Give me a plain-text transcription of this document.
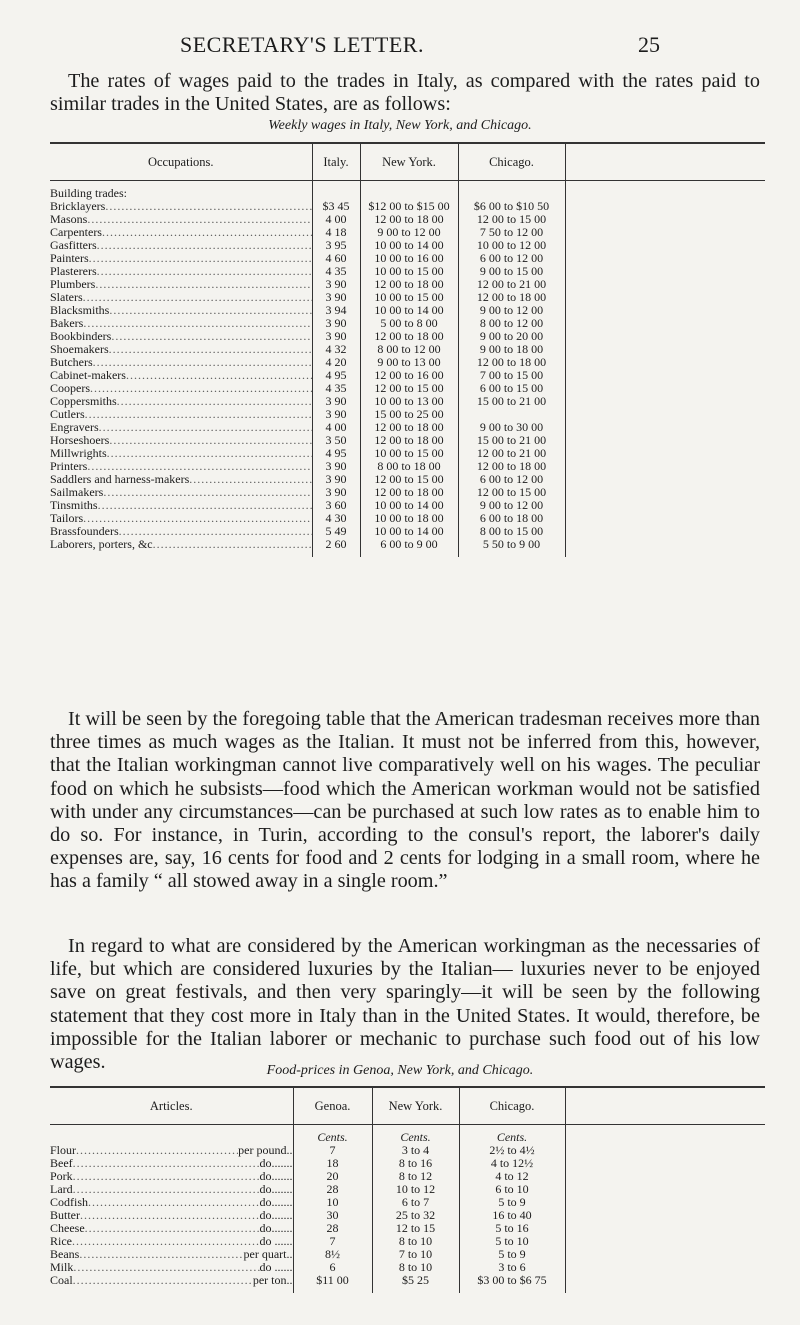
SECRETARY'S LETTER.	25

The rates of wages paid to the trades in Italy, as compared with the rates paid to similar trades in the United States, are as follows:

Weekly wages in Italy, New York, and Chicago.
Occupations.	Italy.	New York.	Chicago.	

Building trades:				

Bricklayers .....	$3 45	$12 00 to $15 00	$6 00 to $10 50	

Masons .....	4 00	12 00 to 18 00	12 00 to 15 00	

Carpenters .....	4 18	9 00 to 12 00	7 50 to 12 00	

Gasfitters .....	3 95	10 00 to 14 00	10 00 to 12 00	

Painters .....	4 60	10 00 to 16 00	6 00 to 12 00	

Plasterers .....	4 35	10 00 to 15 00	9 00 to 15 00	

Plumbers .....	3 90	12 00 to 18 00	12 00 to 21 00	

Slaters .....	3 90	10 00 to 15 00	12 00 to 18 00	

Blacksmiths .....	3 94	10 00 to 14 00	9 00 to 12 00	

Bakers .....	3 90	5 00 to 8 00	8 00 to 12 00	

Bookbinders .....	3 90	12 00 to 18 00	9 00 to 20 00	

Shoemakers .....	4 32	8 00 to 12 00	9 00 to 18 00	

Butchers .....	4 20	9 00 to 13 00	12 00 to 18 00	

Cabinet-makers .....	4 95	12 00 to 16 00	7 00 to 15 00	

Coopers .....	4 35	12 00 to 15 00	6 00 to 15 00	

Coppersmiths .....	3 90	10 00 to 13 00	15 00 to 21 00	

Cutlers .....	3 90	15 00 to 25 00		

Engravers .....	4 00	12 00 to 18 00	9 00 to 30 00	

Horseshoers .....	3 50	12 00 to 18 00	15 00 to 21 00	

Millwrights .....	4 95	10 00 to 15 00	12 00 to 21 00	

Printers .....	3 90	8 00 to 18 00	12 00 to 18 00	

Saddlers and harness-makers .....	3 90	12 00 to 15 00	6 00 to 12 00	

Sailmakers .....	3 90	12 00 to 18 00	12 00 to 15 00	

Tinsmiths .....	3 60	10 00 to 14 00	9 00 to 12 00	

Tailors .....	4 30	10 00 to 18 00	6 00 to 18 00	

Brassfounders .....	5 49	10 00 to 14 00	8 00 to 15 00	

Laborers, porters, &c .....	2 60	6 00 to 9 00	5 50 to 9 00	

It will be seen by the foregoing table that the American tradesman receives more than three times as much wages as the Italian. It must not be inferred from this, however, that the Italian workingman cannot live comparatively well on his wages. The peculiar food on which he subsists—food which the American workman would not be satisfied with under any circumstances—can be purchased at such low rates as to enable him to do so. For instance, in Turin, according to the consul's report, the laborer's daily expenses are, say, 16 cents for food and 2 cents for lodging in a small room, where he has a family “ all stowed away in a single room.”

In regard to what are considered by the American workingman as the necessaries of life, but which are considered luxuries by the Italian— luxuries never to be enjoyed save on great festivals, and then very sparingly—it will be seen by the following statement that they cost more in Italy than in the United States. It would, therefore, be impossible for the Italian laborer or mechanic to purchase such food out of his low wages.	Food-prices in Genoa, New York, and Chicago.
Articles.	Genoa.	New York.	Chicago.	

	Cents.	Cents.	Cents.	

Flour ..... per pound..	7	3 to 4	2½ to 4½	

Beef ..... do.......	18	8 to 16	4 to 12½	

Pork ..... do.......	20	8 to 12	4 to 12	

Lard ..... do.......	28	10 to 12	6 to 10	

Codfish ..... do.......	10	6 to 7	5 to 9	

Butter ..... do.......	30	25 to 32	16 to 40	

Cheese ..... do.......	28	12 to 15	5 to 16	

Rice ..... do ......	7	8 to 10	5 to 10	

Beans ..... per quart..	8½	7 to 10	5 to 9	

Milk ..... do ......	6	8 to 10	3 to 6	

Coal ..... per ton..	$11 00	$5 25	$3 00 to $6 75	
